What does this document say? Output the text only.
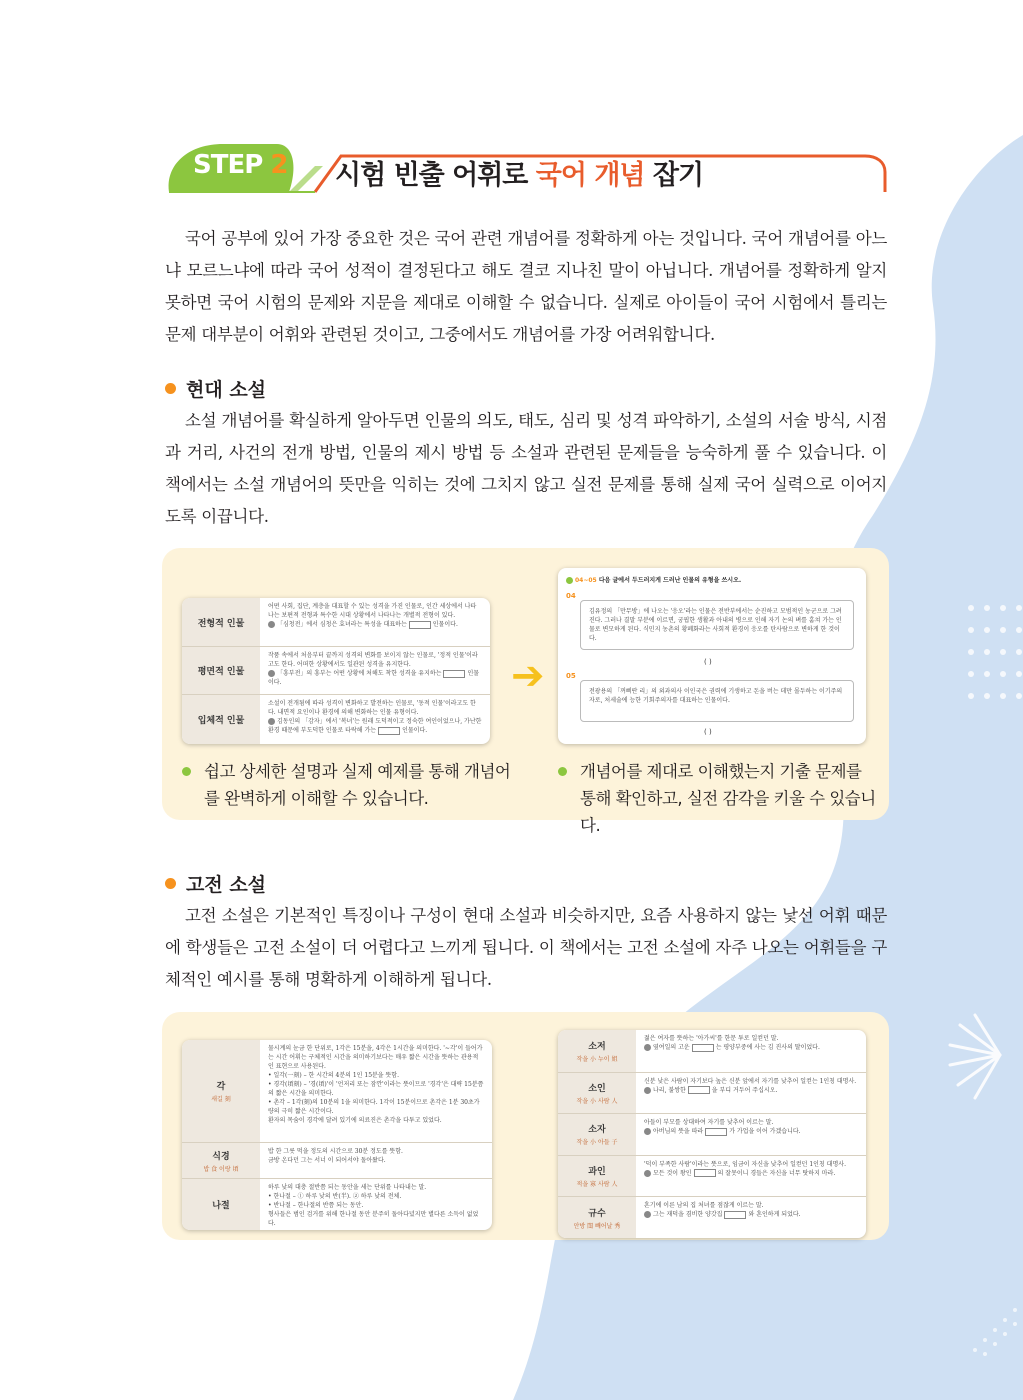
STEP 2 시험 빈출 어휘로 국어 개념 잡기

국어 공부에 있어 가장 중요한 것은 국어 관련 개념어를 정확하게 아는 것입니다. 국어 개념어를 아느냐 모르느냐에 따라 국어 성적이 결정된다고 해도 결코 지나친 말이 아닙니다. 개념어를 정확하게 알지 못하면 국어 시험의 문제와 지문을 제대로 이해할 수 없습니다. 실제로 아이들이 국어 시험에서 틀리는 문제 대부분이 어휘와 관련된 것이고, 그중에서도 개념어를 가장 어려워합니다.

현대 소설

소설 개념어를 확실하게 알아두면 인물의 의도, 태도, 심리 및 성격 파악하기, 소설의 서술 방식, 시점과 거리, 사건의 전개 방법, 인물의 제시 방법 등 소설과 관련된 문제들을 능숙하게 풀 수 있습니다. 이 책에서는 소설 개념어의 뜻만을 익히는 것에 그치지 않고 실전 문제를 통해 실제 국어 실력으로 이어지도록 이끕니다.

전형적 인물
어떤 사회, 집단, 계층을 대표할 수 있는 성격을 가진 인물로, 인간 세상에서 나타나는 보편적 전형과 특수한 시대 상황에서 나타나는 개별적 전형이 있다.
「심청전」에서 심청은 효녀라는 특성을 대표하는	인물이다.
평면적 인물
작품 속에서 처음부터 끝까지 성격의 변화를 보이지 않는 인물로, '정적 인물'이라고도 한다. 어떠한 상황에서도 일관된 성격을 유지한다.
「흥부전」의 흥부는 어떤 상황에 처해도 착한 성격을 유지하는	인물이다.
입체적 인물
소설이 전개됨에 따라 성격이 변화하고 발전하는 인물로, '동적 인물'이라고도 한다. 내면적 요인이나 환경에 의해 변화하는 인물 유형이다.
김동인의 「감자」에서 '복녀'는 원래 도덕적이고 정숙한 여인이었으나, 가난한 환경 때문에 부도덕한 인물로 타락해 가는	인물이다.
➔
04~05 다음 글에서 두드러지게 드러난 인물의 유형을 쓰시오.
04
김유정의 「만무방」에 나오는 '응오'라는 인물은 전반부에서는 순진하고 모범적인 농군으로 그려진다. 그러나 결말 부분에 이르면, 궁핍한 생활과 아내의 병으로 인해 자기 논의 벼를 훔쳐 가는 인물로 변모하게 된다. 식민지 농촌의 황폐화라는 사회적 환경이 응오를 탄사람으로 변하게 한 것이다.
( )
05
전광용의 「꺼삐딴 리」의 외과의사 이인국은 권력에 기생하고 돈을 버는 데만 몰두하는 이기주의자로, 처세술에 능한 기회주의자를 대표하는 인물이다.
( )
쉽고 상세한 설명과 실제 예제를 통해 개념어를 완벽하게 이해할 수 있습니다.
개념어를 제대로 이해했는지 기출 문제를 통해 확인하고, 실전 감각을 키울 수 있습니다.
고전 소설

고전 소설은 기본적인 특징이나 구성이 현대 소설과 비슷하지만, 요즘 사용하지 않는 낯선 어휘 때문에 학생들은 고전 소설이 더 어렵다고 느끼게 됩니다. 이 책에서는 고전 소설에 자주 나오는 어휘들을 구체적인 예시를 통해 명확하게 이해하게 됩니다.

각
새길 刻
물시계의 눈금 한 단위로, 1각은 15분을, 4각은 1시간을 의미한다. '~각'이 들어가는 시간 어휘는 구체적인 시간을 의미하기보다는 매우 짧은 시간을 뜻하는 관용적인 표현으로 사용된다.
• 일각(一刻) – 한 시간의 4분의 1인 15분을 뜻함.
• 경각(頃刻) – '경(頃)'이 '언저리 또는 잠깐'이라는 뜻이므로 '경각'은 대략 15분쯤의 짧은 시간을 의미한다.
• 촌각 – 1각(刻)의 10분의 1을 의미한다. 1각이 15분이므로 촌각은 1분 30초가량의 극히 짧은 시간이다.
환자의 목숨이 경각에 달려 있기에 의료진은 촌각을 다투고 있었다.
식경
밥 食 이랑 頃
밥 한 그릇 먹을 정도의 시간으로 30분 정도를 뜻함.
금방 온다던 그는 서너 이 되어서야 돌아왔다.
나절
하루 낮의 대충 절반쯤 되는 동안을 세는 단위를 나타내는 말.
• 한나절 – ① 하루 낮의 반(半). ② 하루 낮의 전체.
• 반나절 – 한나절의 반쯤 되는 동안.
형사들은 범인 검거를 위해 한나절 동안 분주히 돌아다녔지만 별다른 소득이 없었다.
소저
작을 小 누이 姐
젊은 여자를 뜻하는 '아가씨'를 한문 투로 일컫던 말.
옆여일의 고운	는 평양부중에 사는 김 진사의 딸이었다.
소인
작을 小 사람 人
신분 낮은 사람이 자기보다 높은 신분 앞에서 자기를 낮추어 일컫는 1인칭 대명사.
나리, 불쌍한	을 부디 거두어 주십시오.
소자
작을 小 아들 子
아들이 부모를 상대하여 자기를 낮추어 이르는 말.
아버님의 뜻을 따라	가 가업을 이어 가겠습니다.
과인
적을 寡 사람 人
'덕이 부족한 사람'이라는 뜻으로, 임금이 자신을 낮추어 일컫던 1인칭 대명사.
모든 것이 왕인	의 잘못이니 경들은 자신을 너무 탓하지 마라.
규수
안방 閨 빼어날 秀
혼기에 이른 남의 집 처녀를 점잖게 이르는 말.
그는 재덕을 겸비한 양갓집	와 혼인하게 되었다.
